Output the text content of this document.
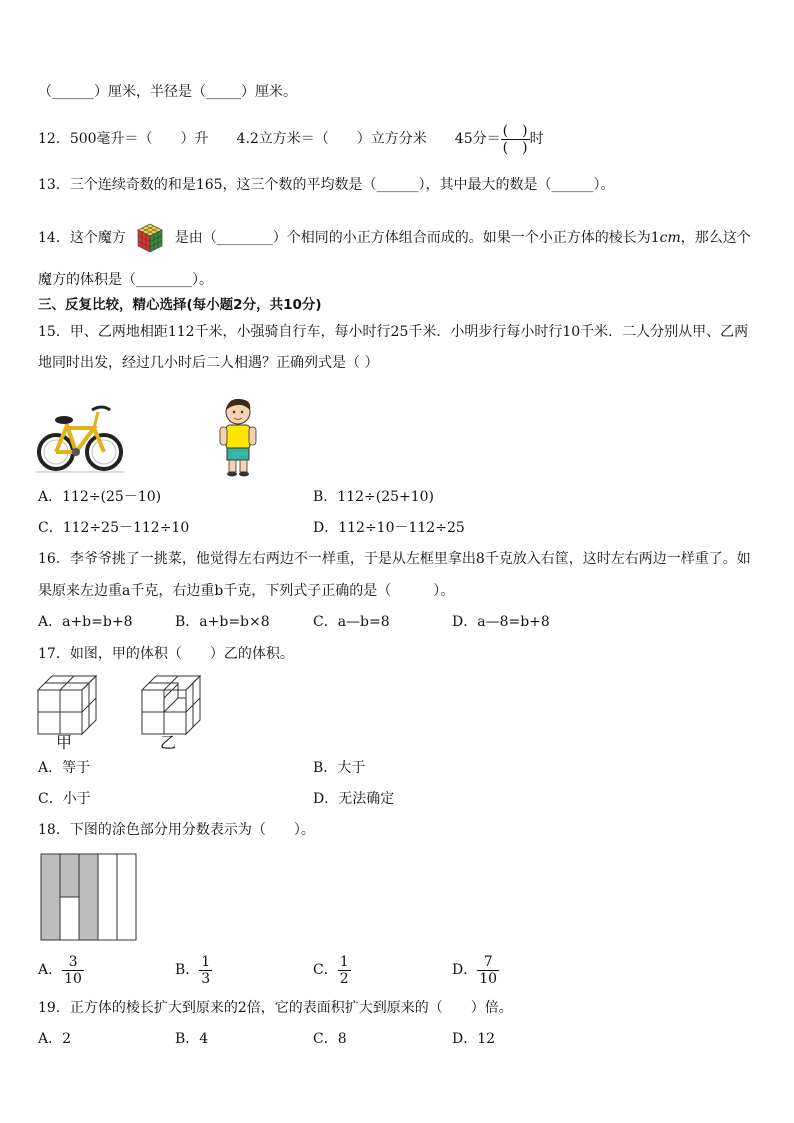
（______）厘米，半径是（_____）厘米。
12．500毫升＝（　　）升　　4.2立方米＝（　　）立方分米　　45分＝ $\frac{( )}{( )}$ 时
13．三个连续奇数的和是165，这三个数的平均数是（______），其中最大的数是（______）。
14．这个魔方	是由（________）个相同的小正方体组合而成的。如果一个小正方体的棱长为1cm，那么这个
魔方的体积是（________）。
三、反复比较，精心选择(每小题2分，共10分)
15．甲、乙两地相距112千米，小强骑自行车，每小时行25千米．小明步行每小时行10千米．二人分别从甲、乙两
地同时出发，经过几小时后二人相遇？正确列式是（ ）
A．112÷(25－10)	B．112÷(25+10)
C．112÷25－112÷10	D．112÷10－112÷25
16．李爷爷挑了一挑菜，他觉得左右两边不一样重，于是从左框里拿出8千克放入右筐，这时左右两边一样重了。如
果原来左边重a千克，右边重b千克，下列式子正确的是（　　　）。
A．a+b=b+8	B．a+b=b×8	C．a—b=8	D．a—8=b+8
17．如图，甲的体积（　　）乙的体积。
甲	乙
A．等于	B．大于
C．小于	D．无法确定
18．下图的涂色部分用分数表示为（　　）。
A． $\frac{3}{10}$	B． $\frac{1}{3}$	C． $\frac{1}{2}$	D． $\frac{7}{10}$
19．正方体的棱长扩大到原来的2倍，它的表面积扩大到原来的（　　）倍。
A．2	B．4	C．8	D．12
